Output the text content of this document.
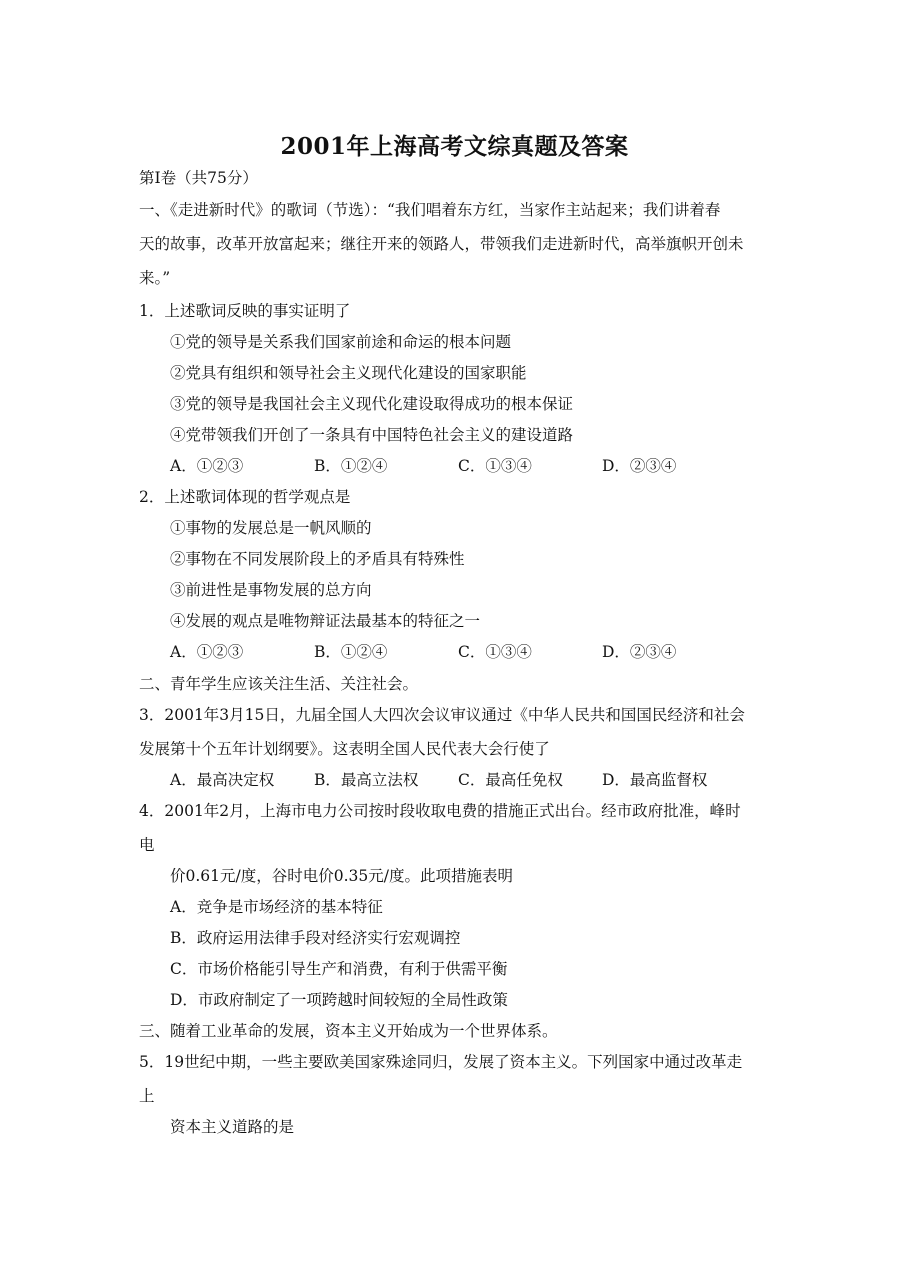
2001年上海高考文综真题及答案
第Ⅰ卷（共75分）
一、《走进新时代》的歌词（节选）：“我们唱着东方红，当家作主站起来；我们讲着春
天的故事，改革开放富起来；继往开来的领路人，带领我们走进新时代，高举旗帜开创未
来。”
1．上述歌词反映的事实证明了
①党的领导是关系我们国家前途和命运的根本问题
②党具有组织和领导社会主义现代化建设的国家职能
③党的领导是我国社会主义现代化建设取得成功的根本保证
④党带领我们开创了一条具有中国特色社会主义的建设道路
A．①②③	B．①②④	C．①③④	D．②③④
2．上述歌词体现的哲学观点是
①事物的发展总是一帆风顺的
②事物在不同发展阶段上的矛盾具有特殊性
③前进性是事物发展的总方向
④发展的观点是唯物辩证法最基本的特征之一
A．①②③	B．①②④	C．①③④	D．②③④
二、青年学生应该关注生活、关注社会。
3．2001年3月15日，九届全国人大四次会议审议通过《中华人民共和国国民经济和社会
发展第十个五年计划纲要》。这表明全国人民代表大会行使了
A．最高决定权	B．最高立法权	C．最高任免权	D．最高监督权
4．2001年2月，上海市电力公司按时段收取电费的措施正式出台。经市政府批准，峰时
电
价0.61元/度，谷时电价0.35元/度。此项措施表明
A．竞争是市场经济的基本特征
B．政府运用法律手段对经济实行宏观调控
C．市场价格能引导生产和消费，有利于供需平衡
D．市政府制定了一项跨越时间较短的全局性政策
三、随着工业革命的发展，资本主义开始成为一个世界体系。
5．19世纪中期，一些主要欧美国家殊途同归，发展了资本主义。下列国家中通过改革走
上
资本主义道路的是
